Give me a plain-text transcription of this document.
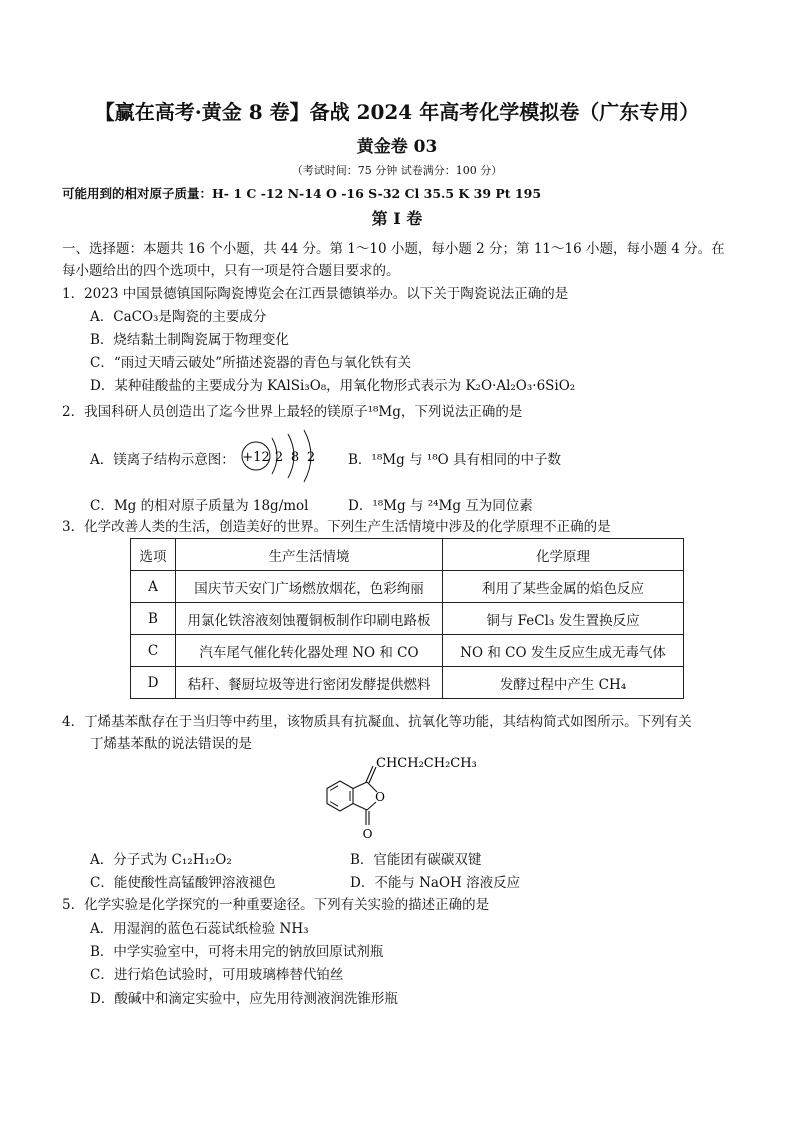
【赢在高考·黄金 8 卷】备战 2024 年高考化学模拟卷（广东专用）
黄金卷 03
（考试时间：75 分钟 试卷满分：100 分）
可能用到的相对原子质量：H- 1 C -12 N-14 O -16 S-32 Cl 35.5 K 39 Pt 195
第 I 卷
一、选择题：本题共 16 个小题，共 44 分。第 1～10 小题，每小题 2 分；第 11～16 小题，每小题 4 分。在
每小题给出的四个选项中，只有一项是符合题目要求的。
1．2023 中国景德镇国际陶瓷博览会在江西景德镇举办。以下关于陶瓷说法正确的是
A．CaCO₃是陶瓷的主要成分
B．烧结黏土制陶瓷属于物理变化
C．“雨过天晴云破处”所描述瓷器的青色与氧化铁有关
D．某种硅酸盐的主要成分为 KAlSi₃O₈，用氧化物形式表示为 K₂O·Al₂O₃·6SiO₂
2．我国科研人员创造出了迄今世界上最轻的镁原子¹⁸Mg，下列说法正确的是
A．镁离子结构示意图： +12 2 8 2 B．¹⁸Mg 与 ¹⁸O 具有相同的中子数
C．Mg 的相对原子质量为 18g/mol	D．¹⁸Mg 与 ²⁴Mg 互为同位素
3．化学改善人类的生活，创造美好的世界。下列生产生活情境中涉及的化学原理不正确的是
选项	生产生活情境	化学原理
A	国庆节天安门广场燃放烟花，色彩绚丽	利用了某些金属的焰色反应
B	用氯化铁溶液刻蚀覆铜板制作印刷电路板	铜与 FeCl₃ 发生置换反应
C	汽车尾气催化转化器处理 NO 和 CO	NO 和 CO 发生反应生成无毒气体
D	秸秆、餐厨垃圾等进行密闭发酵提供燃料	发酵过程中产生 CH₄
4．丁烯基苯酞存在于当归等中药里，该物质具有抗凝血、抗氧化等功能，其结构简式如图所示。下列有关
丁烯基苯酞的说法错误的是
O
O
CHCH₂CH₂CH₃
A．分子式为 C₁₂H₁₂O₂	B．官能团有碳碳双键
C．能使酸性高锰酸钾溶液褪色	D．不能与 NaOH 溶液反应
5．化学实验是化学探究的一种重要途径。下列有关实验的描述正确的是
A．用湿润的蓝色石蕊试纸检验 NH₃
B．中学实验室中，可将未用完的钠放回原试剂瓶
C．进行焰色试验时，可用玻璃棒替代铂丝
D．酸碱中和滴定实验中，应先用待测液润洗锥形瓶
